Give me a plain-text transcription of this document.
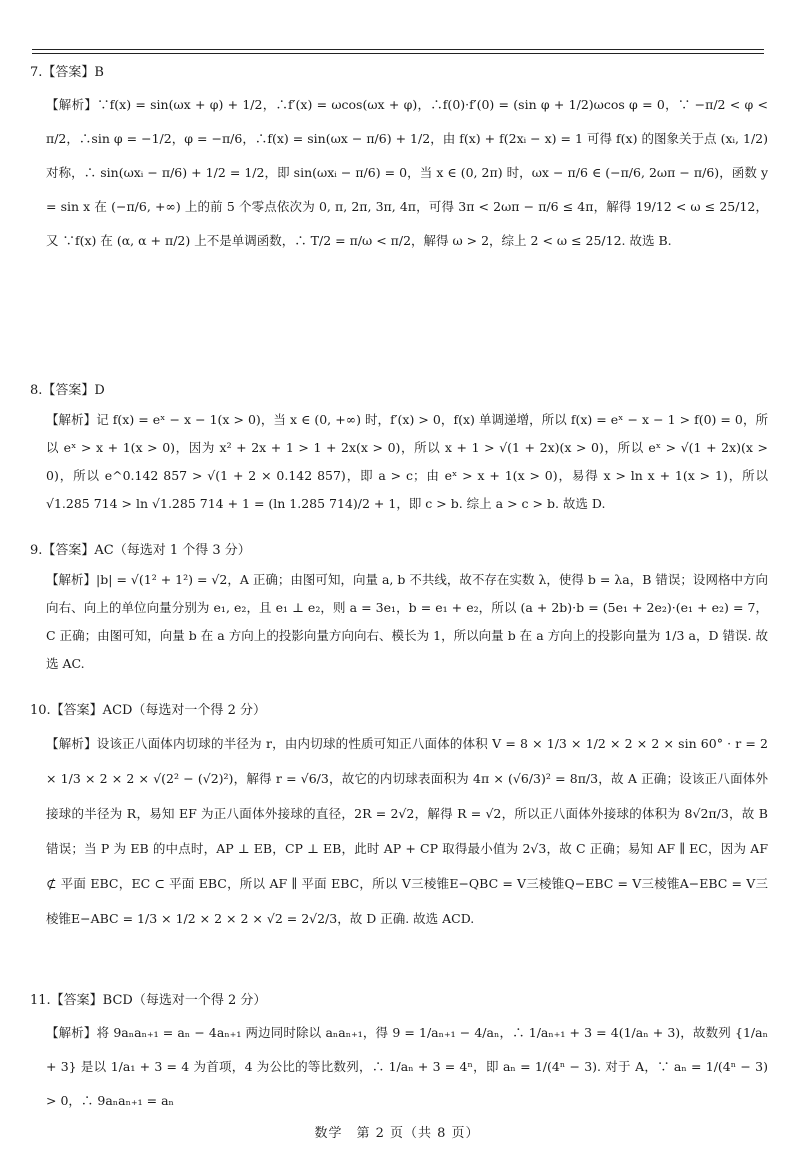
7.【答案】B

【解析】∵f(x) = sin(ωx + φ) + 1/2，∴f′(x) = ωcos(ωx + φ)，∴f(0)·f′(0) = (sin φ + 1/2)ωcos φ = 0，∵ −π/2 < φ < π/2，∴sin φ = −1/2，φ = −π/6，∴f(x) = sin(ωx − π/6) + 1/2，由 f(x) + f(2xᵢ − x) = 1 可得 f(x) 的图象关于点 (xᵢ, 1/2) 对称，∴ sin(ωxᵢ − π/6) + 1/2 = 1/2，即 sin(ωxᵢ − π/6) = 0，当 x ∈ (0, 2π) 时，ωx − π/6 ∈ (−π/6, 2ωπ − π/6)，函数 y = sin x 在 (−π/6, +∞) 上的前 5 个零点依次为 0, π, 2π, 3π, 4π，可得 3π < 2ωπ − π/6 ≤ 4π，解得 19/12 < ω ≤ 25/12，又 ∵f(x) 在 (α, α + π/2) 上不是单调函数，∴ T/2 = π/ω < π/2，解得 ω > 2，综上 2 < ω ≤ 25/12. 故选 B.

8.【答案】D

【解析】记 f(x) = eˣ − x − 1(x > 0)，当 x ∈ (0, +∞) 时，f′(x) > 0，f(x) 单调递增，所以 f(x) = eˣ − x − 1 > f(0) = 0，所以 eˣ > x + 1(x > 0)，因为 x² + 2x + 1 > 1 + 2x(x > 0)，所以 x + 1 > √(1 + 2x)(x > 0)，所以 eˣ > √(1 + 2x)(x > 0)，所以 e^0.142 857 > √(1 + 2 × 0.142 857)，即 a > c；由 eˣ > x + 1(x > 0)，易得 x > ln x + 1(x > 1)，所以 √1.285 714 > ln √1.285 714 + 1 = (ln 1.285 714)/2 + 1，即 c > b. 综上 a > c > b. 故选 D.

9.【答案】AC（每选对 1 个得 3 分）

【解析】|b| = √(1² + 1²) = √2，A 正确；由图可知，向量 a, b 不共线，故不存在实数 λ，使得 b = λa，B 错误；设网格中方向向右、向上的单位向量分别为 e₁, e₂，且 e₁ ⊥ e₂，则 a = 3e₁，b = e₁ + e₂，所以 (a + 2b)·b = (5e₁ + 2e₂)·(e₁ + e₂) = 7，C 正确；由图可知，向量 b 在 a 方向上的投影向量方向向右、模长为 1，所以向量 b 在 a 方向上的投影向量为 1/3 a，D 错误. 故选 AC.

10.【答案】ACD（每选对一个得 2 分）

【解析】设该正八面体内切球的半径为 r，由内切球的性质可知正八面体的体积 V = 8 × 1/3 × 1/2 × 2 × 2 × sin 60° · r = 2 × 1/3 × 2 × 2 × √(2² − (√2)²)，解得 r = √6/3，故它的内切球表面积为 4π × (√6/3)² = 8π/3，故 A 正确；设该正八面体外接球的半径为 R，易知 EF 为正八面体外接球的直径，2R = 2√2，解得 R = √2，所以正八面体外接球的体积为 8√2π/3，故 B 错误；当 P 为 EB 的中点时，AP ⊥ EB，CP ⊥ EB，此时 AP + CP 取得最小值为 2√3，故 C 正确；易知 AF ∥ EC，因为 AF ⊄ 平面 EBC，EC ⊂ 平面 EBC，所以 AF ∥ 平面 EBC，所以 V三棱锥E−QBC = V三棱锥Q−EBC = V三棱锥A−EBC = V三棱锥E−ABC = 1/3 × 1/2 × 2 × 2 × √2 = 2√2/3，故 D 正确. 故选 ACD.

11.【答案】BCD（每选对一个得 2 分）

【解析】将 9aₙaₙ₊₁ = aₙ − 4aₙ₊₁ 两边同时除以 aₙaₙ₊₁，得 9 = 1/aₙ₊₁ − 4/aₙ，∴ 1/aₙ₊₁ + 3 = 4(1/aₙ + 3)，故数列 {1/aₙ + 3} 是以 1/a₁ + 3 = 4 为首项，4 为公比的等比数列，∴ 1/aₙ + 3 = 4ⁿ，即 aₙ = 1/(4ⁿ − 3). 对于 A，∵ aₙ = 1/(4ⁿ − 3) > 0，∴ 9aₙaₙ₊₁ = aₙ

数学　第 2 页（共 8 页）
